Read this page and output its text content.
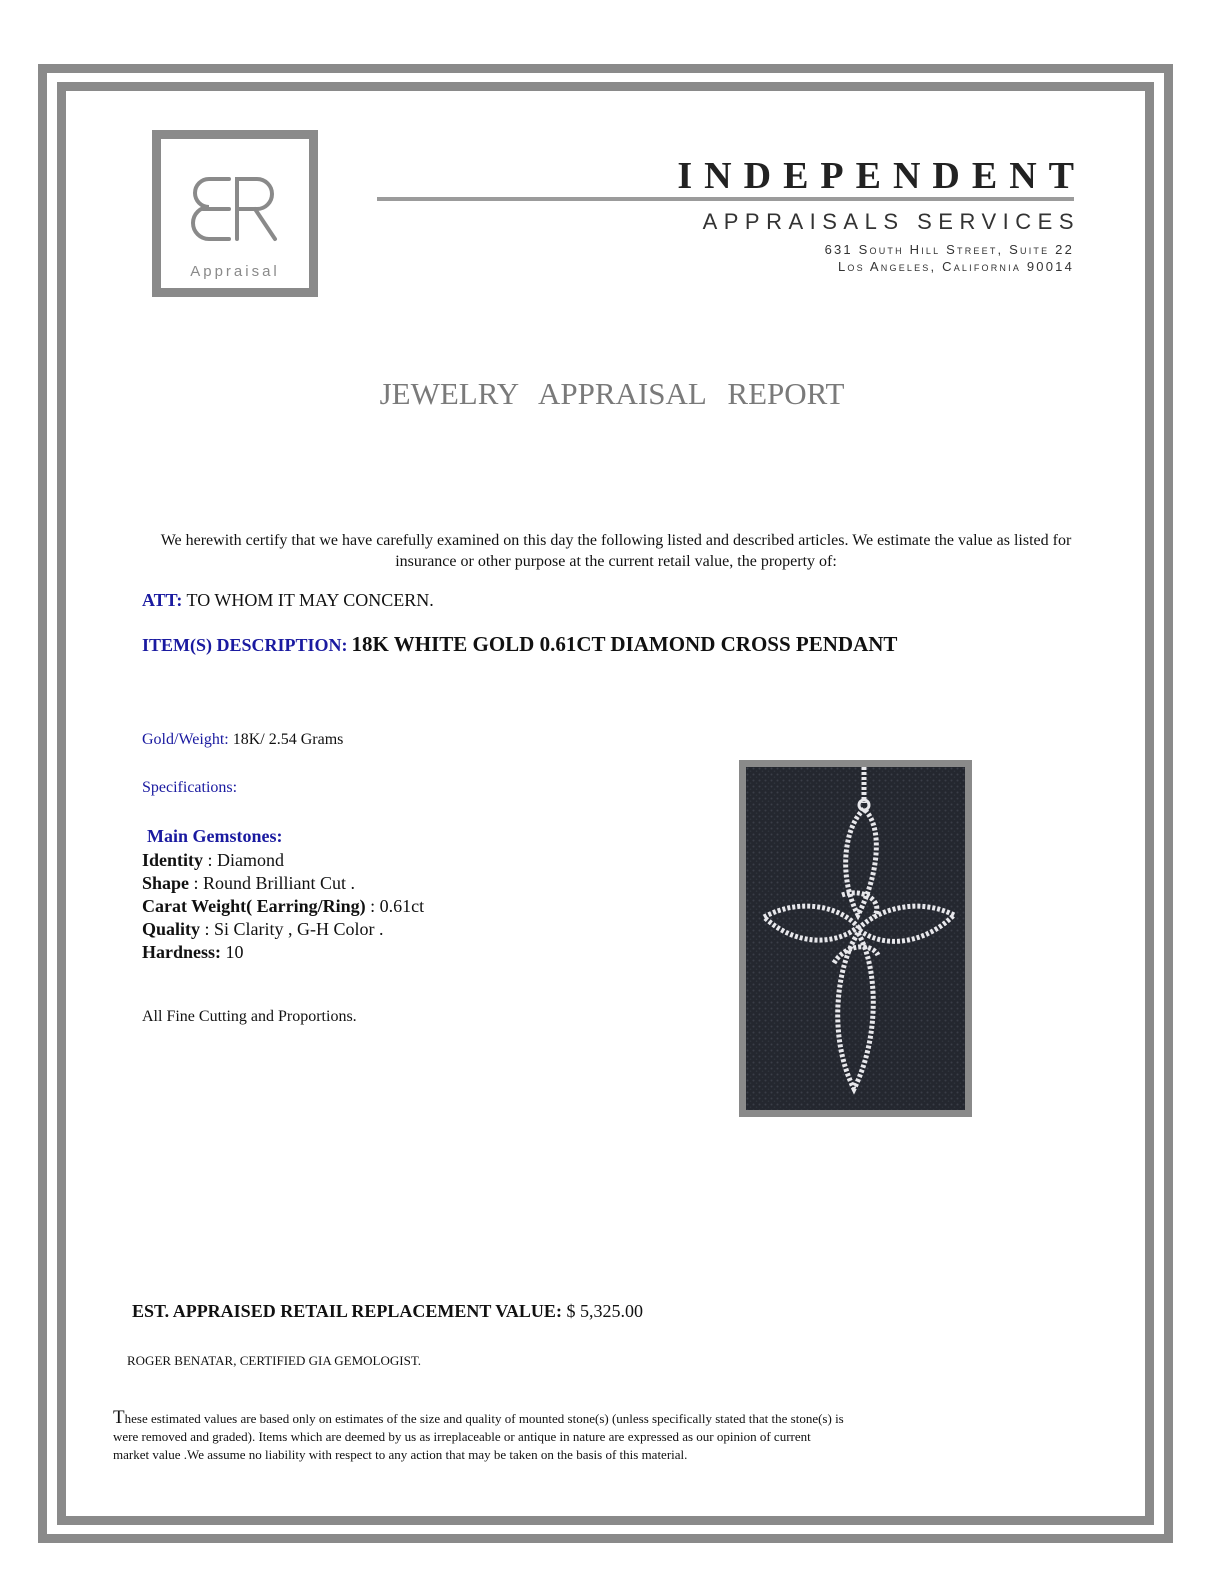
Appraisal
INDEPENDENT
APPRAISALS SERVICES
631 South Hill Street, Suite 22
Los Angeles, California 90014
JEWELRY APPRAISAL REPORT
We herewith certify that we have carefully examined on this day the following listed and described articles. We estimate the value as listed for insurance or other purpose at the current retail value, the property of:
ATT: TO WHOM IT MAY CONCERN.
ITEM(S) DESCRIPTION: 18K WHITE GOLD 0.61CT DIAMOND CROSS PENDANT
Gold/Weight: 18K/ 2.54 Grams
Specifications:
Main Gemstones:
Identity : Diamond
Shape : Round Brilliant Cut .
Carat Weight( Earring/Ring) : 0.61ct
Quality : Si Clarity , G-H Color .
Hardness: 10
All Fine Cutting and Proportions.
EST. APPRAISED RETAIL REPLACEMENT VALUE: $ 5,325.00
ROGER BENATAR, CERTIFIED GIA GEMOLOGIST.
These estimated values are based only on estimates of the size and quality of mounted stone(s) (unless specifically stated that the stone(s) is
were removed and graded). Items which are deemed by us as irreplaceable or antique in nature are expressed as our opinion of current
market value .We assume no liability with respect to any action that may be taken on the basis of this material.
